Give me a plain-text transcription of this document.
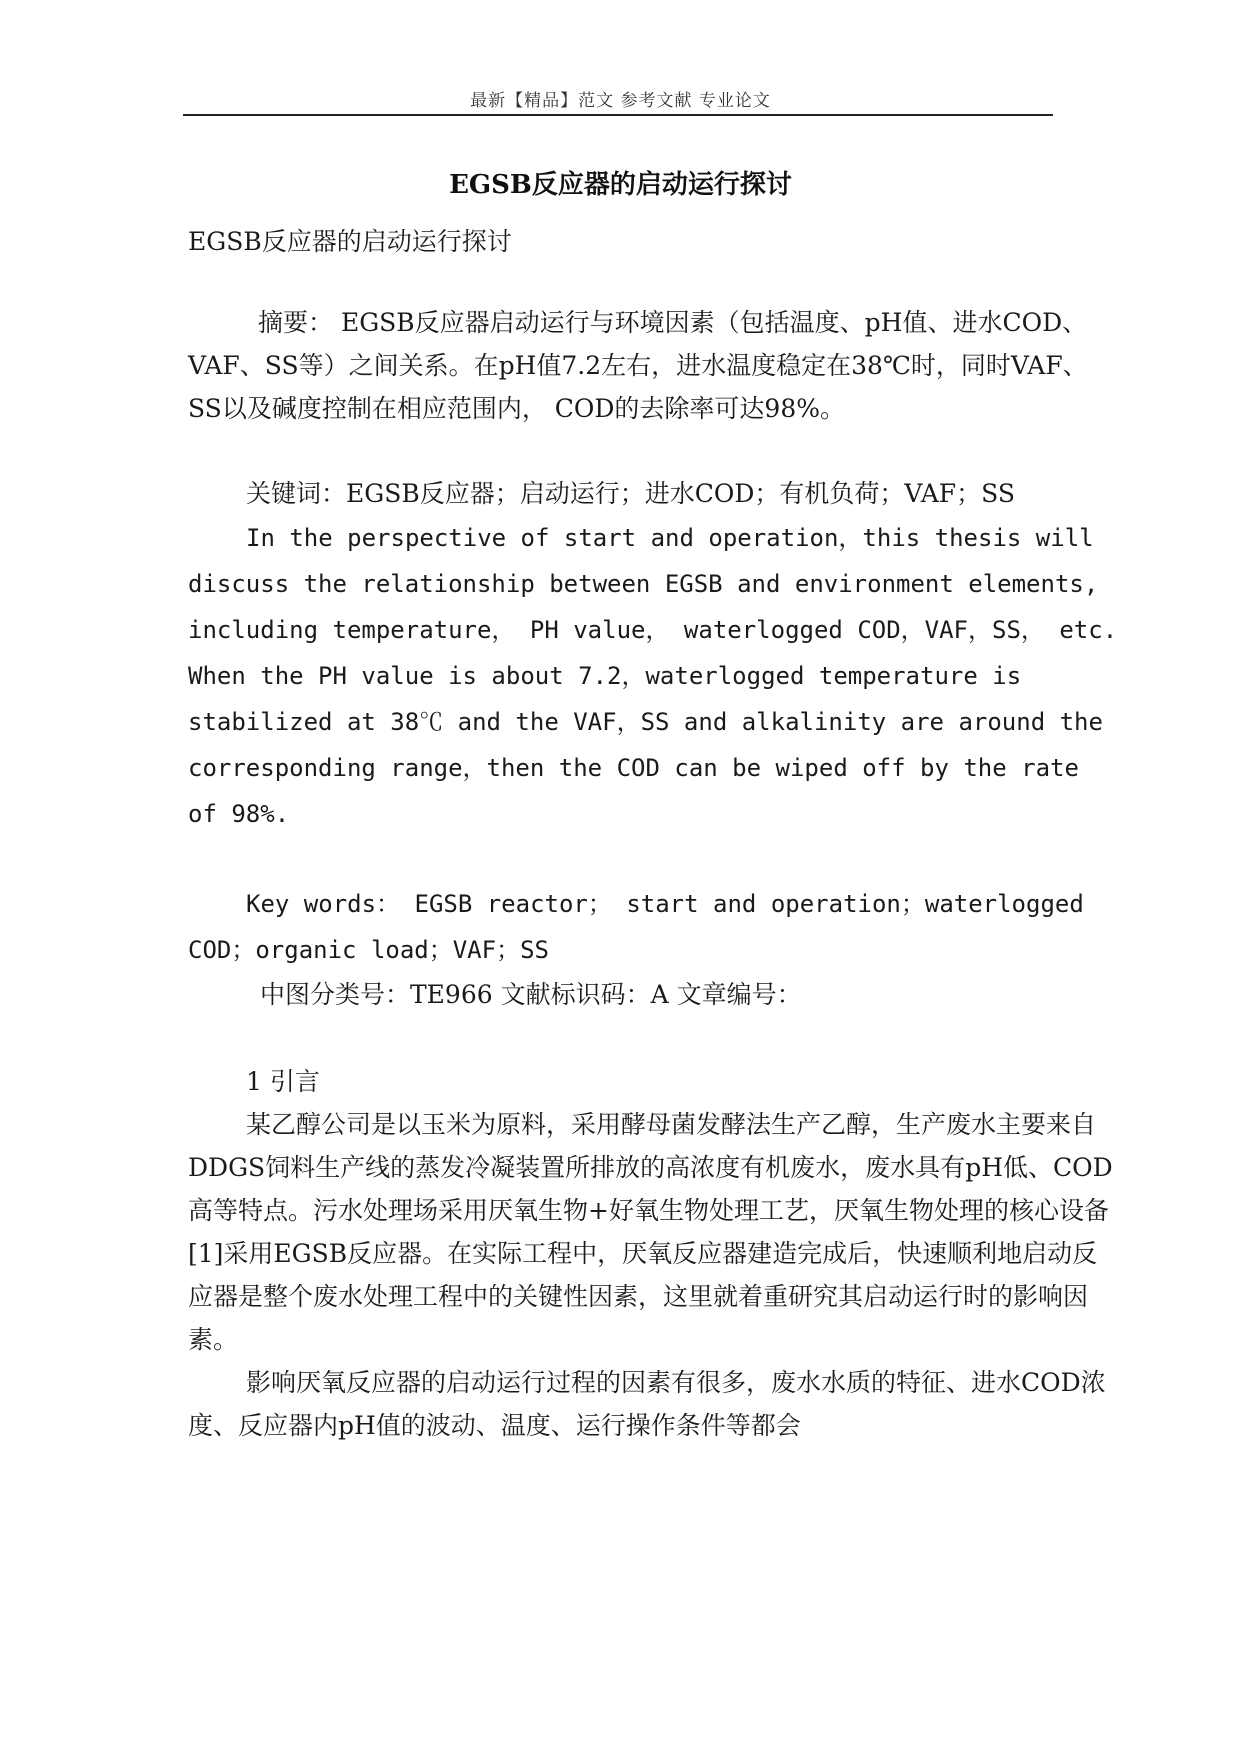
最新【精品】范文 参考文献 专业论文
EGSB反应器的启动运行探讨

EGSB反应器的启动运行探讨

摘要： EGSB反应器启动运行与环境因素（包括温度、pH值、进水COD、VAF、SS等）之间关系。在pH值7.2左右，进水温度稳定在38℃时，同时VAF、SS以及碱度控制在相应范围内， COD的去除率可达98%。

关键词：EGSB反应器；启动运行；进水COD；有机负荷；VAF；SS

In the perspective of start and operation，this thesis will discuss the relationship between EGSB and environment elements, including temperature， PH value， waterlogged COD，VAF，SS， etc. When the PH value is about 7.2，waterlogged temperature is stabilized at 38℃ and the VAF，SS and alkalinity are around the corresponding range，then the COD can be wiped off by the rate of 98%.

Key words： EGSB reactor； start and operation；waterlogged COD；organic load；VAF；SS

中图分类号：TE966 文献标识码：A 文章编号：

1 引言

某乙醇公司是以玉米为原料，采用酵母菌发酵法生产乙醇，生产废水主要来自DDGS饲料生产线的蒸发冷凝装置所排放的高浓度有机废水，废水具有pH低、COD高等特点。污水处理场采用厌氧生物+好氧生物处理工艺，厌氧生物处理的核心设备[1]采用EGSB反应器。在实际工程中，厌氧反应器建造完成后，快速顺利地启动反应器是整个废水处理工程中的关键性因素，这里就着重研究其启动运行时的影响因素。

影响厌氧反应器的启动运行过程的因素有很多，废水水质的特征、进水COD浓度、反应器内pH值的波动、温度、运行操作条件等都会
